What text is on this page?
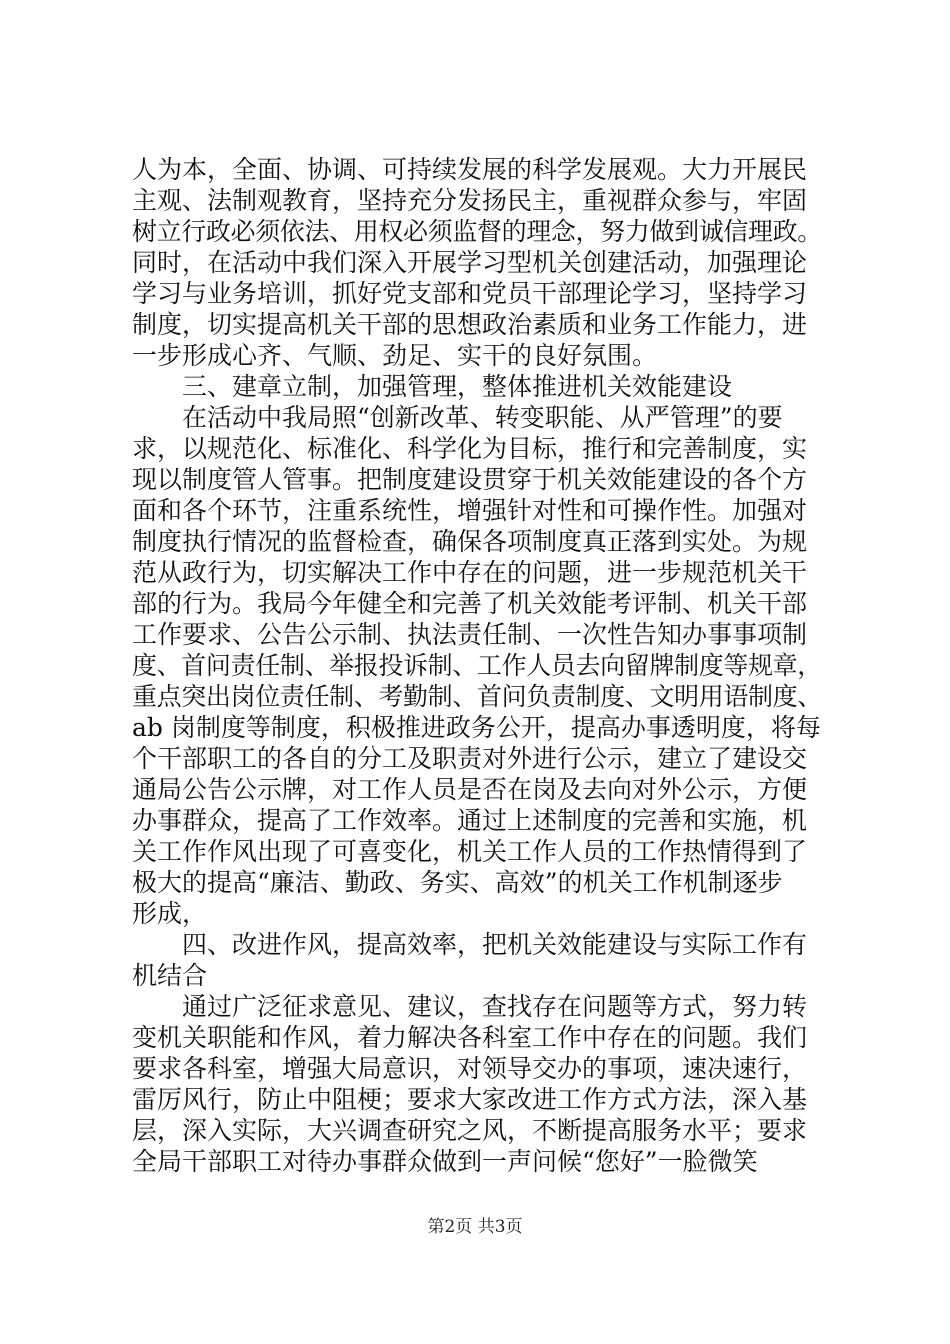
人为本，全面、协调、可持续发展的科学发展观。大力开展民
主观、法制观教育，坚持充分发扬民主，重视群众参与，牢固
树立行政必须依法、用权必须监督的理念，努力做到诚信理政。
同时，在活动中我们深入开展学习型机关创建活动，加强理论
学习与业务培训，抓好党支部和党员干部理论学习，坚持学习
制度，切实提高机关干部的思想政治素质和业务工作能力，进
一步形成心齐、气顺、劲足、实干的良好氛围。
　　三、建章立制，加强管理，整体推进机关效能建设
　　在活动中我局照“创新改革、转变职能、从严管理”的要
求，以规范化、标准化、科学化为目标，推行和完善制度，实
现以制度管人管事。把制度建设贯穿于机关效能建设的各个方
面和各个环节，注重系统性，增强针对性和可操作性。加强对
制度执行情况的监督检查，确保各项制度真正落到实处。为规
范从政行为，切实解决工作中存在的问题，进一步规范机关干
部的行为。我局今年健全和完善了机关效能考评制、机关干部
工作要求、公告公示制、执法责任制、一次性告知办事事项制
度、首问责任制、举报投诉制、工作人员去向留牌制度等规章，
重点突出岗位责任制、考勤制、首问负责制度、文明用语制度、
ab 岗制度等制度，积极推进政务公开，提高办事透明度，将每
个干部职工的各自的分工及职责对外进行公示，建立了建设交
通局公告公示牌，对工作人员是否在岗及去向对外公示，方便
办事群众，提高了工作效率。通过上述制度的完善和实施，机
关工作作风出现了可喜变化，机关工作人员的工作热情得到了
极大的提高“廉洁、勤政、务实、高效”的机关工作机制逐步
形成，
　　四、改进作风，提高效率，把机关效能建设与实际工作有
机结合
　　通过广泛征求意见、建议，查找存在问题等方式，努力转
变机关职能和作风，着力解决各科室工作中存在的问题。我们
要求各科室，增强大局意识，对领导交办的事项，速决速行，
雷厉风行，防止中阻梗；要求大家改进工作方式方法，深入基
层，深入实际，大兴调查研究之风，不断提高服务水平；要求
全局干部职工对待办事群众做到一声问候“您好”一脸微笑
第2页 共3页
